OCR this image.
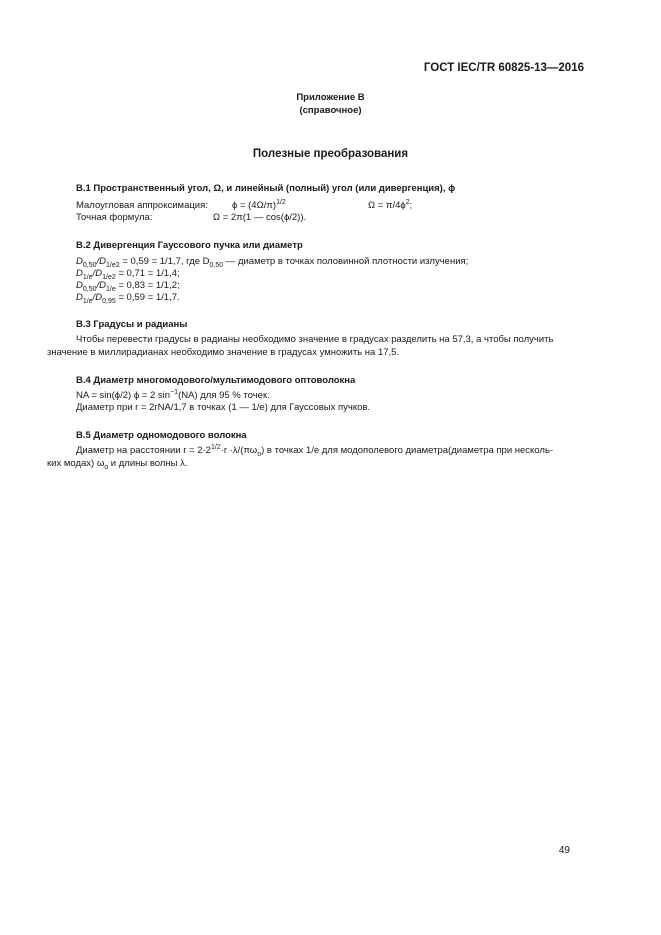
ГОСТ IEC/TR 60825-13—2016
Приложение В
(справочное)
Полезные преобразования
В.1 Пространственный угол, Ω, и линейный (полный) угол (или дивергенция), ϕ
Малоугловая аппроксимация:	$\phi = (4\Omega/\pi)^{1/2}$	$\Omega = \pi/4\phi^2$;
Точная формула:	Ω = 2π(1 — cos(ϕ/2)).
В.2 Дивергенция Гауссового пучка или диаметр
$D_{0,50}/D_{1/e2} = 0,59 = 1/1,7$, где $D_{0,50}$ — диаметр в точках половинной плотности излучения;
$D_{1/e}/D_{1/e2} = 0,71 = 1/1,4$;
$D_{0,50}/D_{1/e} = 0,83 = 1/1,2$;
$D_{1/e}/D_{0,95} = 0,59 = 1/1,7$.
В.3 Градусы и радианы
Чтобы перевести градусы в радианы необходимо значение в градусах разделить на 57,3, а чтобы получить
значение в миллирадианах необходимо значение в градусах умножить на 17,5.
В.4 Диаметр многомодового/мультимодового оптоволокна
NA = sin(ϕ/2) ϕ = 2 $\sin^{-1}(NA)$ для 95 % точек.
Диаметр при r = 2rNA/1,7 в точках (1 — 1/e) для Гауссовых пучков.
В.5 Диаметр одномодового волокна
Диаметр на расстоянии $r = 2\cdot 2^{1/2}\cdot r \cdot\lambda/(\pi\omega_o)$ в точках 1/e для модополевого диаметра(диаметра при несколь-
ких модах) $\omega_o$ и длины волны λ.
49
